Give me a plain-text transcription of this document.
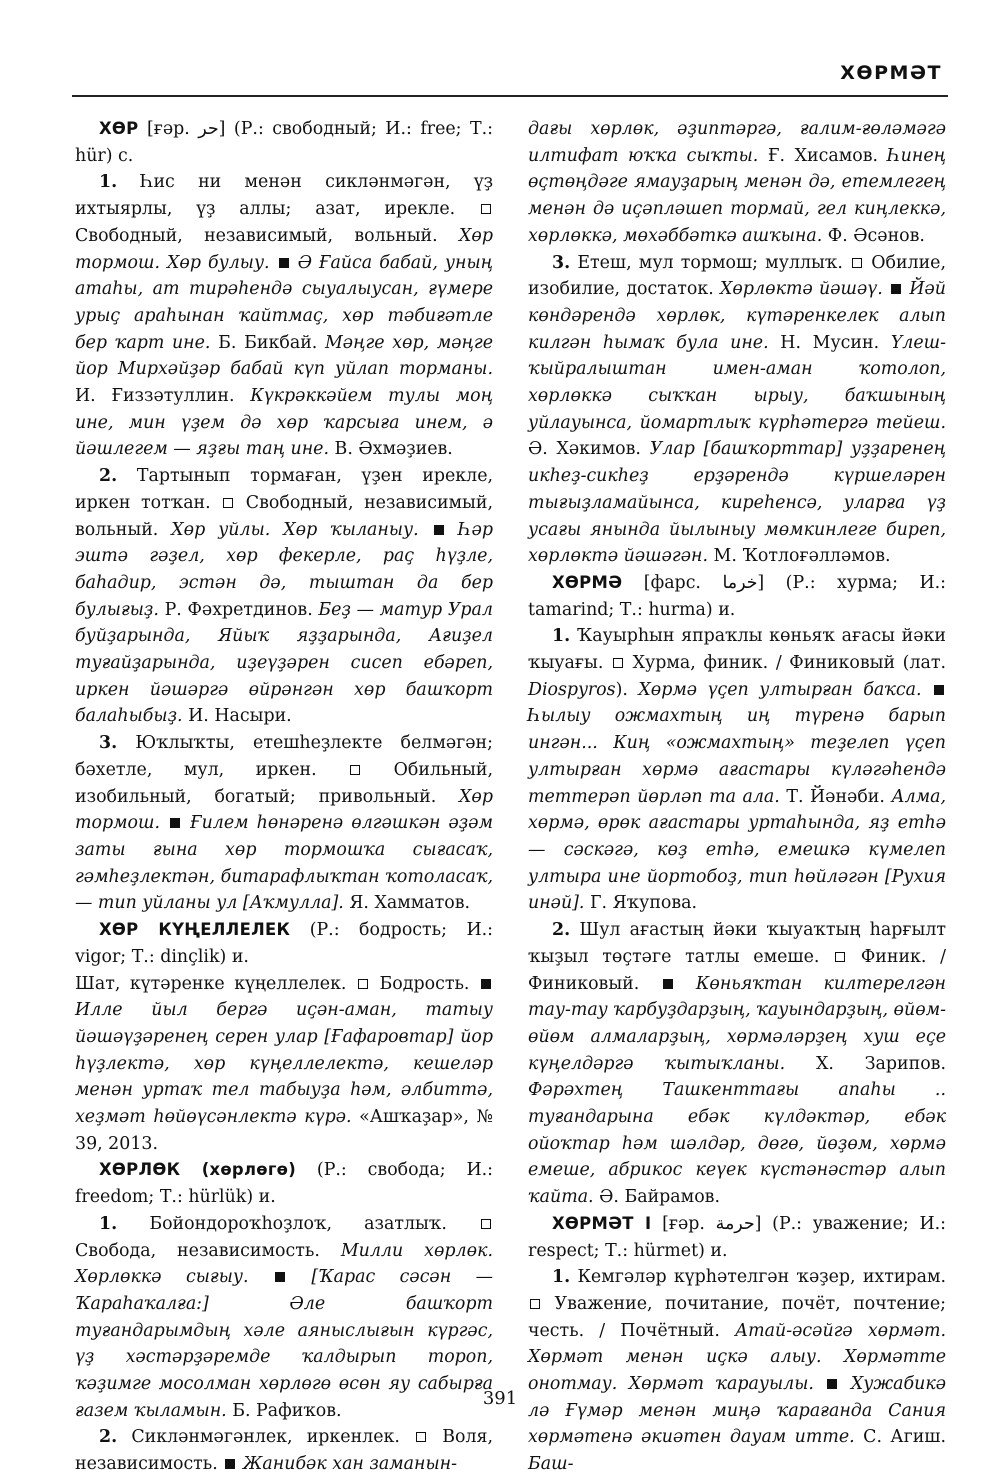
ХӨРМӘТ

ХӨР [ғәр. حر] (Р.: свободный; И.: free; Т.: hür) с.

1. Һис ни менән сикләнмәгән, үҙ ихтыярлы, үҙ аллы; азат, ирекле.  Свободный, независимый, вольный. Хөр тормош. Хөр булыу. Ә Ғайса бабай, уның атаһы, ат тирәһендә сыуалыусан, ғүмере урыҫ араһынан ҡайтмаҫ, хөр тәбиғәтле бер ҡарт ине. Б. Бикбай. Мәңге хөр, мәңге йор Мирхәйҙәр бабай күп уйлап торманы. И. Ғиззәтуллин. Күкрәккәйем тулы моң ине, мин үҙем дә хөр ҡарсыға инем, ә йәшлегем — яҙғы таң ине. В. Әхмәҙиев.

2. Тартынып тормаған, үҙен ирекле, иркен тотҡан. Свободный, независимый, вольный. Хөр уйлы. Хөр ҡыланыу. Һәр эштә гәҙел, хөр фекерле, раҫ һүҙле, баһадир, эстән дә, тыштан да бер булығыҙ. Р. Фәхретдинов. Беҙ — матур Урал буйҙарында, Яйыҡ яҙҙарында, Ағиҙел туғайҙарында, иҙеүҙәрен сисеп ебәреп, иркен йәшәргә өйрәнгән хөр башҡорт балаһыбыҙ. И. Насыри.

3. Юҡлыҡты, етешһеҙлекте белмәгән; бәхетле, мул, иркен.	Обильный, изобильный, богатый; привольный. Хөр тормош. Ғилем һөнәренә өлгәшкән әҙәм заты ғына хөр тормошҡа сығасаҡ, гәмһеҙлектән, битарафлыҡтан ҡотоласаҡ, — тип уйланы ул [Аҡмулла]. Я. Хамматов.

ХӨР КҮҢЕЛЛЕЛЕК (Р.: бодрость; И.: vigor; Т.: dinçlik) и.

Шат, күтәренке күңеллелек. Бодрость.  Илле йыл бергә иҫән-аман, татыу йәшәүҙәренең серен улар [Ғафаровтар] йор һүҙлектә, хөр күңеллелектә, кешеләр менән уртаҡ тел табыуҙа һәм, әлбиттә, хеҙмәт һөйөүсәнлектә күрә. «Ашҡаҙар», № 39, 2013.

ХӨРЛӨК (хөрлөгө) (Р.: свобода; И.: freedom; Т.: hürlük) и.

1. Бойондороҡһоҙлоҡ, азатлыҡ.  Свобода, независимость. Милли хөрлөк. Хөрлөккә сығыу.	[Ҡарас сәсән — Ҡараһаҡалға:] Әле башҡорт туғандарымдың хәле аяныслығын күргәс, үҙ хәстәрҙәремде ҡалдырып тороп, ҡәҙимге мосолман хөрлөгө өсөн яу сабырға ғазем ҡыламын. Б. Рафиҡов.

2. Сикләнмәгәнлек, иркенлек. Воля, независимость. Жанибәк хан заманын-

дағы хөрлөк, әҙиптәргә, ғалим-ғөләмәгә илтифат юҡҡа сыҡты. Ғ. Хисамов. Һинең өҫтөңдәге ямауҙарың менән дә, етемлегең менән дә иҫәпләшеп тормай, гел киңлеккә, хөрлөккә, мөхәббәткә ашҡына. Ф. Әсәнов.

3. Етеш, мул тормош; муллыҡ. Обилие, изобилие, достаток. Хөрлөктә йәшәү. Йәй көндәрендә хөрлөк, күтәренкелек алып килгән һымаҡ була ине. Н. Мусин. Үлеш-ҡыйралыштан имен-аман ҡотолоп, хөрлөккә сыҡҡан ырыу, баҡшының уйлауынса, йомартлыҡ күрһәтергә тейеш. Ә. Хәкимов. Улар [башҡорттар] уҙҙаренең икһеҙ-сикһеҙ ерҙәрендә күршеләрен тығыҙламайынса, киреһенсә, уларға үҙ усағы янында йылыныу мөмкинлеге биреп, хөрлөктә йәшәгән. М. Ҡотлоғәлләмов.

ХӨРМӘ [фарс. خرما] (Р.: хурма; И.: tamarind; Т.: hurma) и.

1. Ҡауырһын япраҡлы көньяҡ ағасы йәки ҡыуағы. Хурма, финик. / Финиковый (лат. Diospyros). Хөрмә үҫеп ултырған баҡса.  Һылыу ожмахтың иң түренә барып ингән... Киң «ожмахтың» теҙелеп үҫеп ултырған хөрмә ағастары күләгәһендә теттерәп йөрләп та ала. Т. Йәнәби. Алма, хөрмә, өрөк ағастары уртаһында, яҙ етһә — сәскәгә, көҙ етһә, емешкә күмелеп ултыра ине йортобоҙ, тип һөйләгән [Рухия инәй]. Г. Яҡупова.

2. Шул ағастың йәки ҡыуаҡтың һарғылт ҡыҙыл төҫтәге татлы емеше. Финик. / Финиковый.	Көньяҡтан килтерелгән тау-тау ҡарбуҙдарҙың, ҡауындарҙың, өйөм-өйөм алмаларҙың, хөрмәләрҙең хуш еҫе күңелдәргә ҡытыҡланы. Х. Зарипов. Фәрәхтең Ташкенттағы апаһы .. туғандарына ебәк күлдәктәр, ебәк ойоҡтар һәм шәлдәр, дөгө, йөҙөм, хөрмә емеше, абрикос кеүек күстәнәстәр алып ҡайта. Ә. Байрамов.

ХӨРМӘТ I [ғәр. حرمة] (Р.: уважение; И.: respect; Т.: hürmet) и.

1. Кемгәләр күрһәтелгән ҡәҙер, ихтирам.  Уважение, почитание, почёт, почтение; честь. / Почётный. Атай-әсәйгә хөрмәт. Хөрмәт менән иҫкә алыу. Хөрмәтте онотмау. Хөрмәт ҡарауылы. Хужабикә лә Ғүмәр менән миңә ҡарағанда Сания хөрмәтенә әкиәтен дауам итте. С. Агиш. Баш-

391
